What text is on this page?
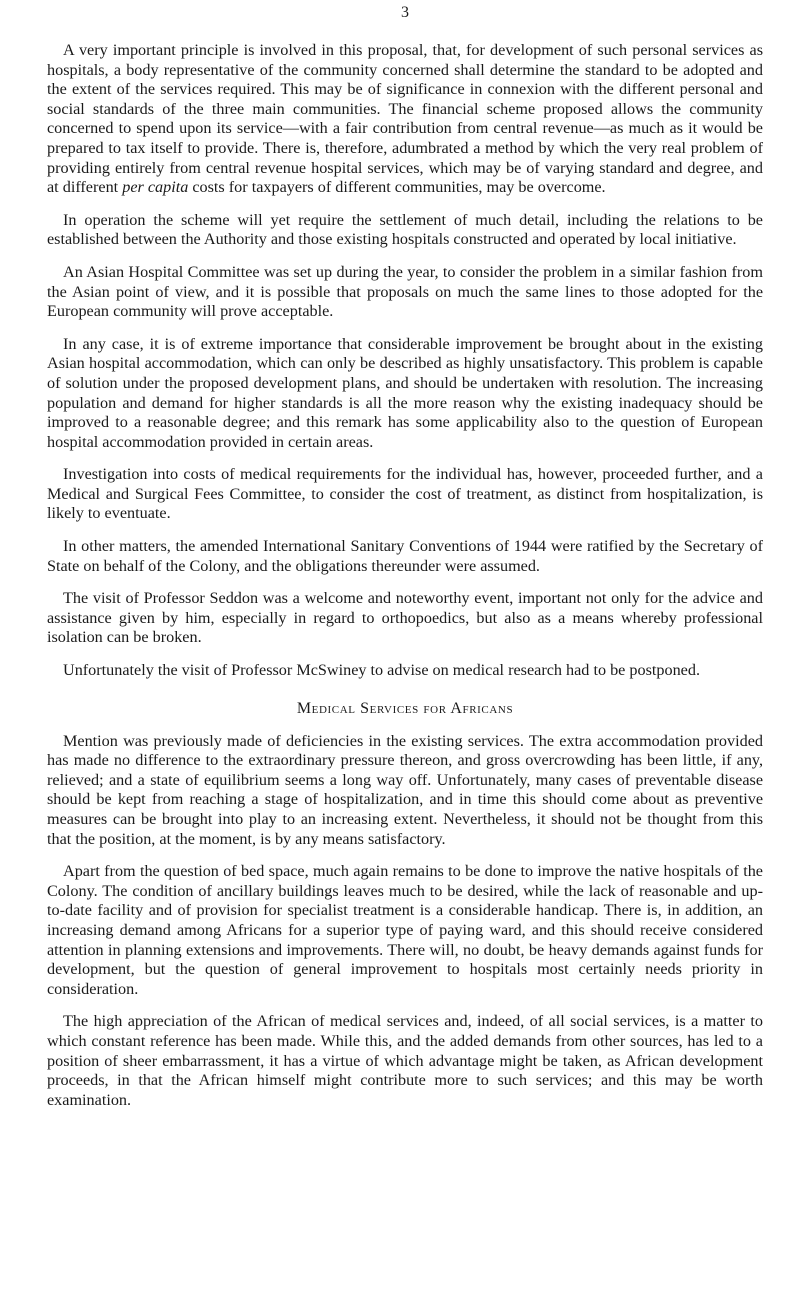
3

A very important principle is involved in this proposal, that, for development of such personal services as hospitals, a body representative of the community concerned shall determine the standard to be adopted and the extent of the services required. This may be of significance in connexion with the different personal and social standards of the three main communities. The financial scheme proposed allows the community concerned to spend upon its service—with a fair contribution from central revenue—as much as it would be prepared to tax itself to provide. There is, therefore, adumbrated a method by which the very real problem of providing entirely from central revenue hospital services, which may be of varying standard and degree, and at different per capita costs for taxpayers of different communities, may be overcome.

In operation the scheme will yet require the settlement of much detail, including the relations to be established between the Authority and those existing hospitals constructed and operated by local initiative.

An Asian Hospital Committee was set up during the year, to consider the problem in a similar fashion from the Asian point of view, and it is possible that proposals on much the same lines to those adopted for the European community will prove acceptable.

In any case, it is of extreme importance that considerable improvement be brought about in the existing Asian hospital accommodation, which can only be described as highly unsatisfactory. This problem is capable of solution under the proposed development plans, and should be undertaken with resolution. The increasing population and demand for higher standards is all the more reason why the existing inadequacy should be improved to a reasonable degree; and this remark has some applicability also to the question of European hospital accommodation provided in certain areas.

Investigation into costs of medical requirements for the individual has, however, proceeded further, and a Medical and Surgical Fees Committee, to consider the cost of treatment, as distinct from hospitalization, is likely to eventuate.

In other matters, the amended International Sanitary Conventions of 1944 were ratified by the Secretary of State on behalf of the Colony, and the obligations thereunder were assumed.

The visit of Professor Seddon was a welcome and noteworthy event, important not only for the advice and assistance given by him, especially in regard to orthopoedics, but also as a means whereby professional isolation can be broken.

Unfortunately the visit of Professor McSwiney to advise on medical research had to be postponed.

Medical Services for Africans

Mention was previously made of deficiencies in the existing services. The extra accommodation provided has made no difference to the extraordinary pressure thereon, and gross overcrowding has been little, if any, relieved; and a state of equilibrium seems a long way off. Unfortunately, many cases of preventable disease should be kept from reaching a stage of hospitalization, and in time this should come about as preventive measures can be brought into play to an increasing extent. Nevertheless, it should not be thought from this that the position, at the moment, is by any means satisfactory.

Apart from the question of bed space, much again remains to be done to improve the native hospitals of the Colony. The condition of ancillary buildings leaves much to be desired, while the lack of reasonable and up-to-date facility and of provision for specialist treatment is a considerable handicap. There is, in addition, an increasing demand among Africans for a superior type of paying ward, and this should receive considered attention in planning extensions and improvements. There will, no doubt, be heavy demands against funds for development, but the question of general improvement to hospitals most certainly needs priority in consideration.

The high appreciation of the African of medical services and, indeed, of all social services, is a matter to which constant reference has been made. While this, and the added demands from other sources, has led to a position of sheer embarrassment, it has a virtue of which advantage might be taken, as African development proceeds, in that the African himself might contribute more to such services; and this may be worth examination.
